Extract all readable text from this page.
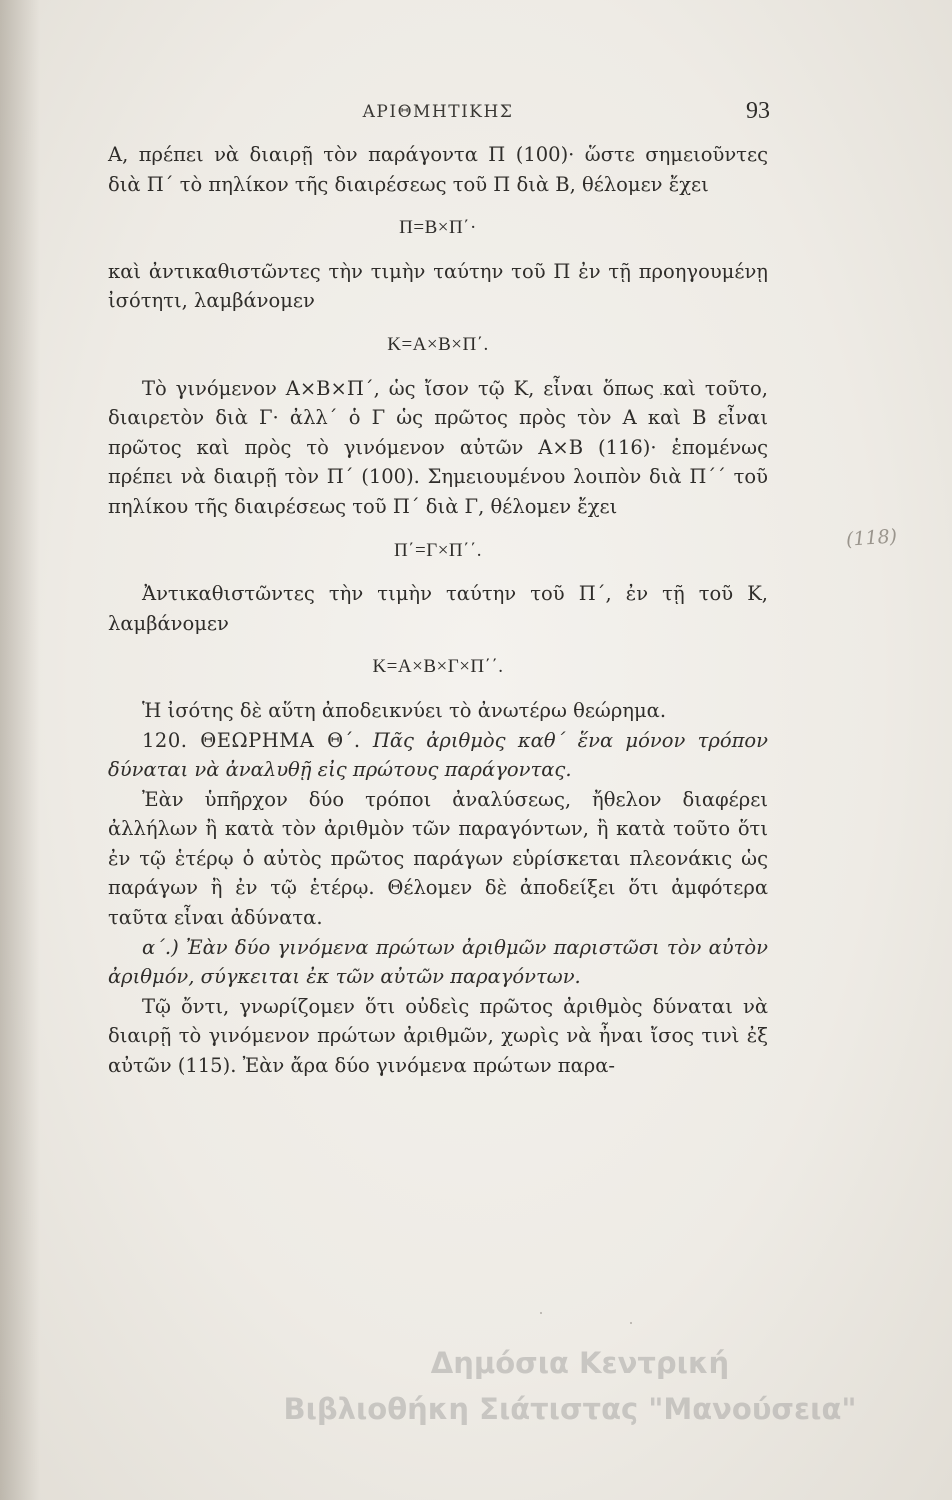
ΑΡΙΘΜΗΤΙΚΗΣ	93

Α, πρέπει νὰ διαιρῇ τὸν παράγοντα Π (100)· ὥστε σημειοῦντες διὰ Π΄ τὸ πηλίκον τῆς διαιρέσεως τοῦ Π διὰ Β, θέλομεν ἔχει

Π=Β×Π΄·

καὶ ἀντικαθιστῶντες τὴν τιμὴν ταύτην τοῦ Π ἐν τῇ προηγουμένῃ ἰσότητι, λαμβάνομεν

Κ=Α×Β×Π΄.

Τὸ γινόμενον Α×Β×Π΄, ὡς ἴσον τῷ Κ, εἶναι ὅπως καὶ τοῦτο, διαιρετὸν διὰ Γ· ἀλλ΄ ὁ Γ ὡς πρῶτος πρὸς τὸν Α καὶ Β εἶναι πρῶτος καὶ πρὸς τὸ γινόμενον αὐτῶν Α×Β (116)· ἑπομένως πρέπει νὰ διαιρῇ τὸν Π΄ (100). Σημειουμένου λοιπὸν διὰ Π΄΄ τοῦ πηλίκου τῆς διαιρέσεως τοῦ Π΄ διὰ Γ, θέλομεν ἔχει

Π΄=Γ×Π΄΄.

Ἀντικαθιστῶντες τὴν τιμὴν ταύτην τοῦ Π΄, ἐν τῇ τοῦ Κ, λαμβάνομεν

Κ=Α×Β×Γ×Π΄΄.

Ἡ ἰσότης δὲ αὕτη ἀποδεικνύει τὸ ἀνωτέρω θεώρημα.

120. ΘΕΩΡΗΜΑ Θ΄. Πᾶς ἀριθμὸς καθ΄ ἕνα μόνον τρόπον δύναται νὰ ἀναλυθῇ εἰς πρώτους παράγοντας.

Ἐὰν ὑπῆρχον δύο τρόποι ἀναλύσεως, ἤθελον διαφέρει ἀλλήλων ἢ κατὰ τὸν ἀριθμὸν τῶν παραγόντων, ἢ κατὰ τοῦτο ὅτι ἐν τῷ ἑτέρῳ ὁ αὐτὸς πρῶτος παράγων εὑρίσκεται πλεονάκις ὡς παράγων ἢ ἐν τῷ ἑτέρῳ. Θέλομεν δὲ ἀποδείξει ὅτι ἀμφότερα ταῦτα εἶναι ἀδύνατα.

α΄.) Ἐὰν δύο γινόμενα πρώτων ἀριθμῶν παριστῶσι τὸν αὐτὸν ἀριθμόν, σύγκειται ἐκ τῶν αὐτῶν παραγόντων.

Τῷ ὄντι, γνωρίζομεν ὅτι οὐδεὶς πρῶτος ἀριθμὸς δύναται νὰ διαιρῇ τὸ γινόμενον πρώτων ἀριθμῶν, χωρὶς νὰ ἦναι ἴσος τινὶ ἐξ αὐτῶν (115). Ἐὰν ἄρα δύο γινόμενα πρώτων παρα-

(118)
Δημόσια Κεντρική
Βιβλιοθήκη Σιάτιστας "Μανούσεια"
